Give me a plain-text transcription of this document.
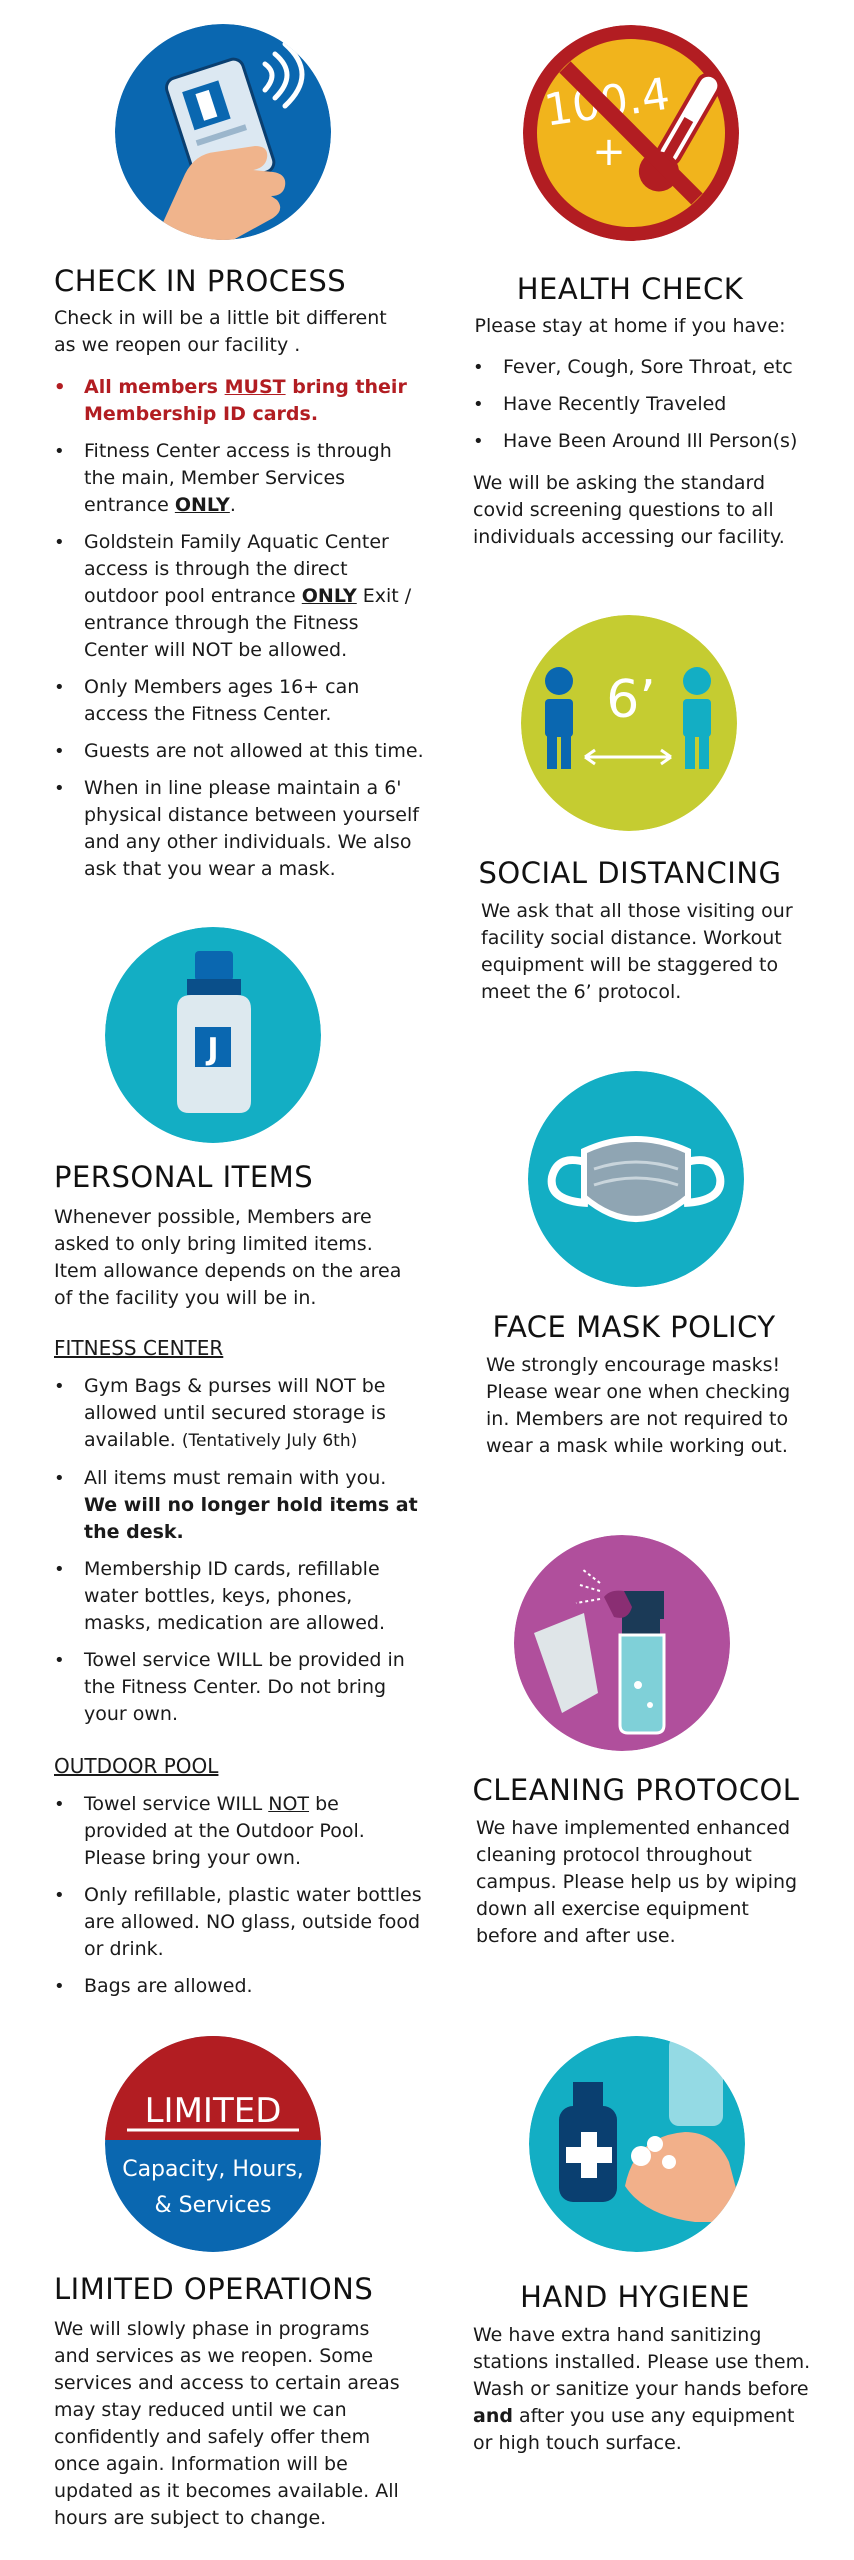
CHECK IN PROCESS

Check in will be a little bit different as we reopen our facility .

• All members MUST bring their Membership ID cards.
• Fitness Center access is through the main, Member Services entrance ONLY.
• Goldstein Family Aquatic Center access is through the direct outdoor pool entrance ONLY Exit / entrance through the Fitness Center will NOT be allowed.
• Only Members ages 16+ can access the Fitness Center.
• Guests are not allowed at this time.
• When in line please maintain a 6' physical distance between yourself and any other individuals. We also ask that you wear a mask.
J
PERSONAL ITEMS

Whenever possible, Members are asked to only bring limited items. Item allowance depends on the area of the facility you will be in.

FITNESS CENTER

• Gym Bags & purses will NOT be allowed until secured storage is available. (Tentatively July 6th)
• All items must remain with you. We will no longer hold items at the desk.
• Membership ID cards, refillable water bottles, keys, phones, masks, medication are allowed.
• Towel service WILL be provided in the Fitness Center. Do not bring your own.

OUTDOOR POOL

• Towel service WILL NOT be provided at the Outdoor Pool. Please bring your own.
• Only refillable, plastic water bottles are allowed. NO glass, outside food or drink.
• Bags are allowed.
LIMITED
Capacity, Hours,
& Services
LIMITED OPERATIONS

We will slowly phase in programs and services as we reopen. Some services and access to certain areas may stay reduced until we can confidently and safely offer them once again. Information will be updated as it becomes available. All hours are subject to change.

+
HEALTH CHECK

Please stay at home if you have:

• Fever, Cough, Sore Throat, etc
• Have Recently Traveled
• Have Been Around Ill Person(s)

We will be asking the standard covid screening questions to all individuals accessing our facility.

6’
SOCIAL DISTANCING

We ask that all those visiting our facility social distance. Workout equipment will be staggered to meet the 6’ protocol.

FACE MASK POLICY

We strongly encourage masks! Please wear one when checking in. Members are not required to wear a mask while working out.

CLEANING PROTOCOL

We have implemented enhanced cleaning protocol throughout campus. Please help us by wiping down all exercise equipment before and after use.

HAND HYGIENE

We have extra hand sanitizing stations installed. Please use them. Wash or sanitize your hands before and after you use any equipment or high touch surface.
